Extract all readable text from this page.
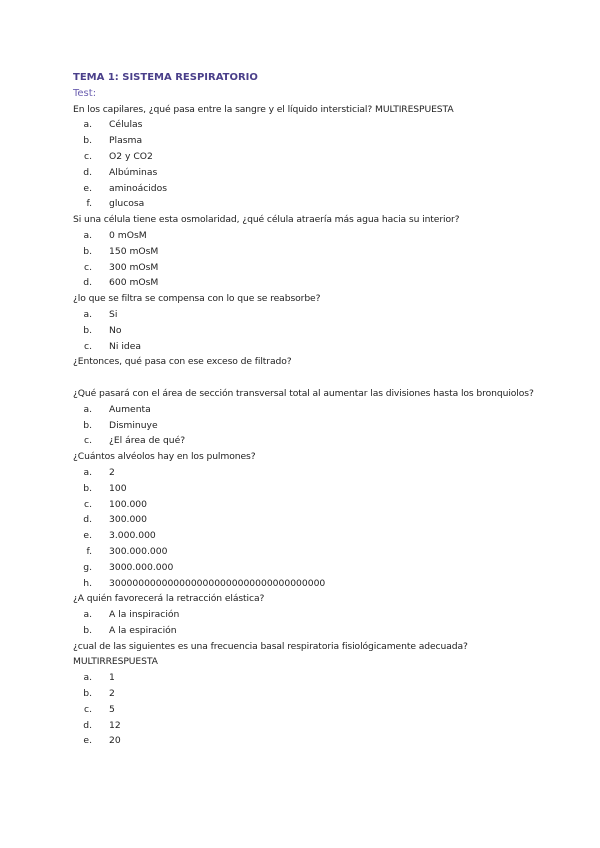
TEMA 1: SISTEMA RESPIRATORIO
Test:
En los capilares, ¿qué pasa entre la sangre y el líquido intersticial? MULTIRESPUESTA
a. Células
b. Plasma
c. O2 y CO2
d. Albúminas
e. aminoácidos
f. glucosa
Si una célula tiene esta osmolaridad, ¿qué célula atraería más agua hacia su interior?
a. 0 mOsM
b. 150 mOsM
c. 300 mOsM
d. 600 mOsM
¿lo que se filtra se compensa con lo que se reabsorbe?
a. Si
b. No
c. Ni idea
¿Entonces, qué pasa con ese exceso de filtrado?
¿Qué pasará con el área de sección transversal total al aumentar las divisiones hasta los bronquiolos?
a. Aumenta
b. Disminuye
c. ¿El área de qué?
¿Cuántos alvéolos hay en los pulmones?
a. 2
b. 100
c. 100.000
d. 300.000
e. 3.000.000
f. 300.000.000
g. 3000.000.000
h. 3000000000000000000000000000000000000
¿A quién favorecerá la retracción elástica?
a. A la inspiración
b. A la espiración
¿cual de las siguientes es una frecuencia basal respiratoria fisiológicamente adecuada? MULTIRRESPUESTA
a. 1
b. 2
c. 5
d. 12
e. 20
